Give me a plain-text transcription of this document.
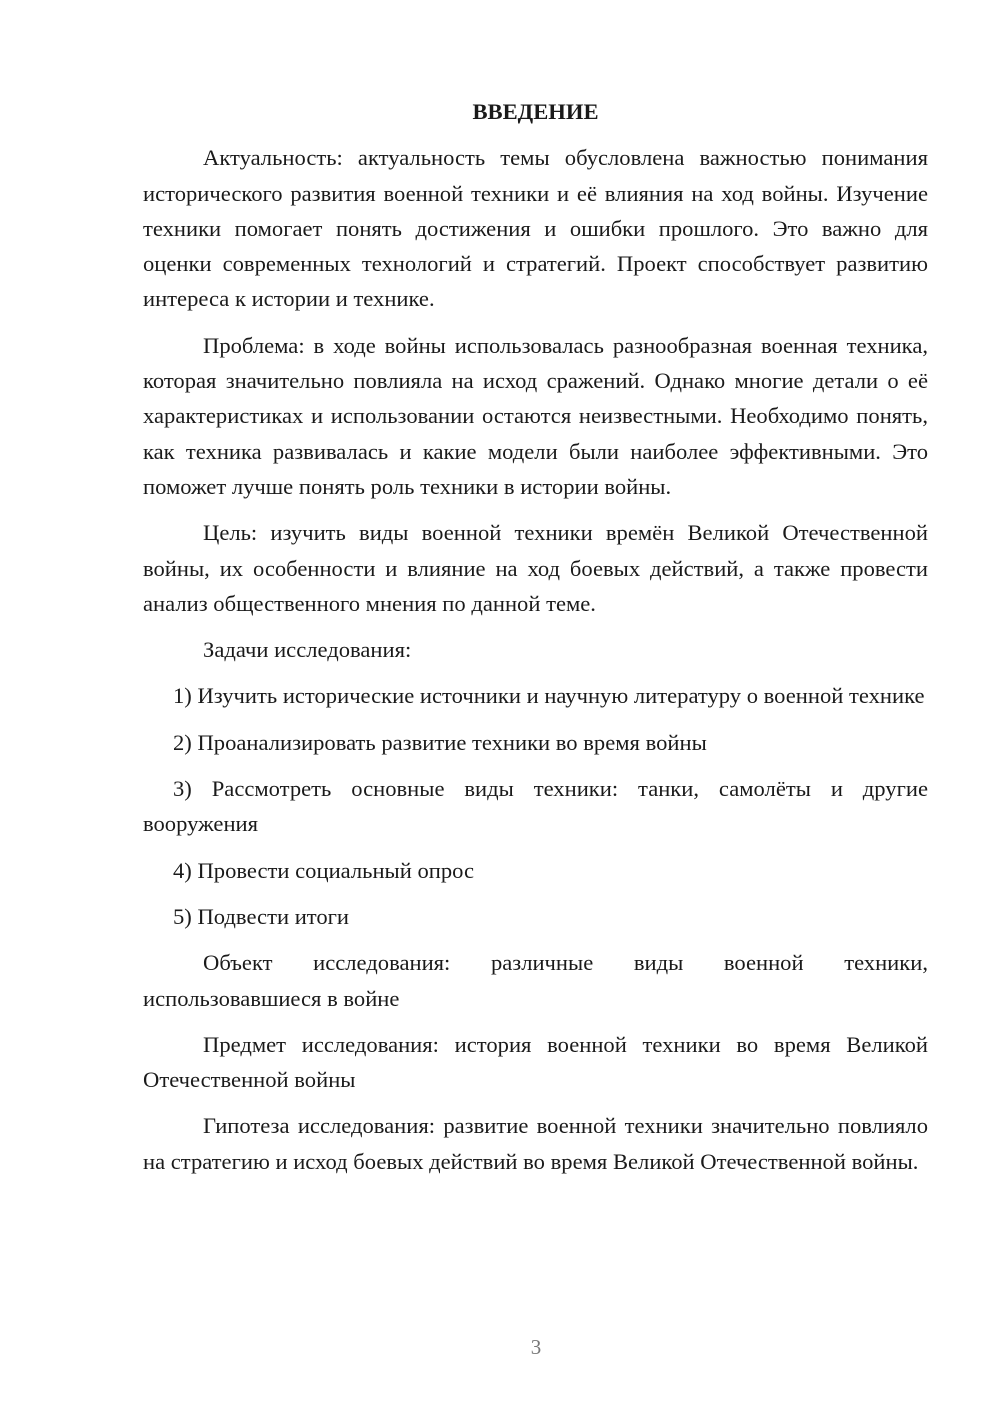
ВВЕДЕНИЕ

Актуальность: актуальность темы обусловлена важностью понимания исторического развития военной техники и её влияния на ход войны. Изучение техники помогает понять достижения и ошибки прошлого. Это важно для оценки современных технологий и стратегий. Проект способствует развитию интереса к истории и технике.

Проблема: в ходе войны использовалась разнообразная военная техника, которая значительно повлияла на исход сражений. Однако многие детали о её характеристиках и использовании остаются неизвестными. Необходимо понять, как техника развивалась и какие модели были наиболее эффективными. Это поможет лучше понять роль техники в истории войны.

Цель: изучить виды военной техники времён Великой Отечественной войны, их особенности и влияние на ход боевых действий, а также провести анализ общественного мнения по данной теме.

Задачи исследования:

1) Изучить исторические источники и научную литературу о военной технике

2) Проанализировать развитие техники во время войны

3) Рассмотреть основные виды техники: танки, самолёты и другие вооружения

4) Провести социальный опрос

5) Подвести итоги

Объект исследования: различные виды военной техники, использовавшиеся в войне

Предмет исследования: история военной техники во время Великой Отечественной войны

Гипотеза исследования: развитие военной техники значительно повлияло на стратегию и исход боевых действий во время Великой Отечественной войны.

3
